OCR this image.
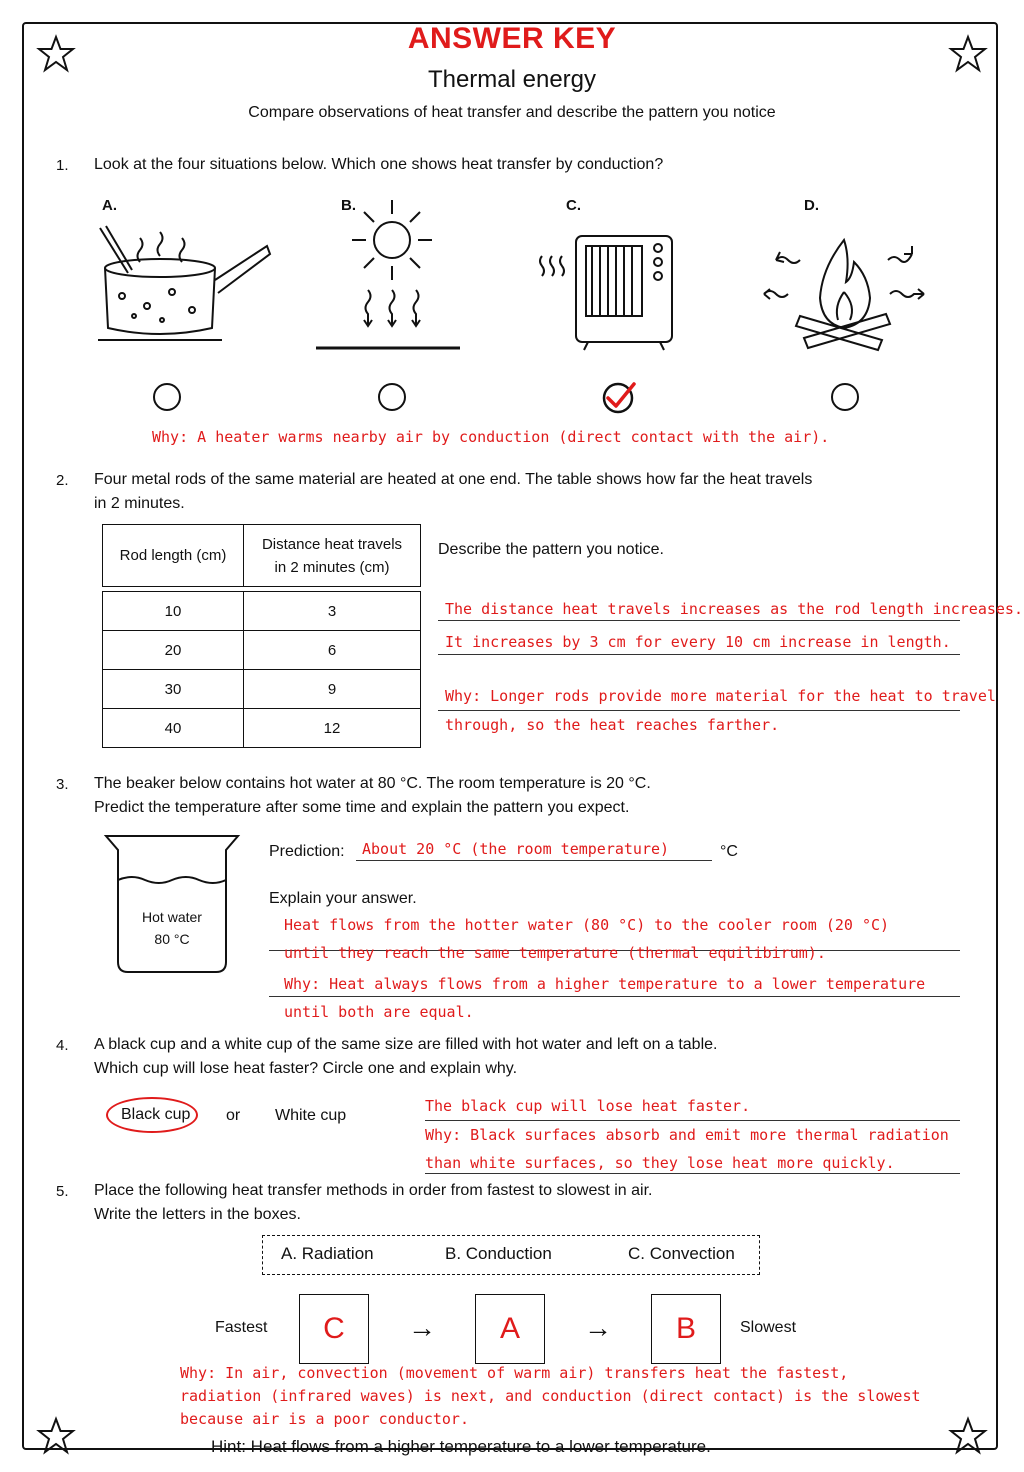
ANSWER KEY
Thermal energy
Compare observations of heat transfer and describe the pattern you notice
1. Look at the four situations below. Which one shows heat transfer by conduction?
A.	B.	C.	D.
Why: A heater warms nearby air by conduction (direct contact with the air).
2. Four metal rods of the same material are heated at one end. The table shows how far the heat travels
in 2 minutes.
Rod length (cm)	Distance heat travels
in 2 minutes (cm)

10	3
20	6
30	9
40	12
Describe the pattern you notice.
The distance heat travels increases as the rod length increases.
It increases by 3 cm for every 10 cm increase in length.
Why: Longer rods provide more material for the heat to travel
through, so the heat reaches farther.
3. The beaker below contains hot water at 80 °C. The room temperature is 20 °C.
Predict the temperature after some time and explain the pattern you expect.
Hot water
80 °C
Prediction: About 20 °C (the room temperature)	°C
Explain your answer.
Heat flows from the hotter water (80 °C) to the cooler room (20 °C)
until they reach the same temperature (thermal equilibirum).
Why: Heat always flows from a higher temperature to a lower temperature
until both are equal.
4. A black cup and a white cup of the same size are filled with hot water and left on a table.
Which cup will lose heat faster? Circle one and explain why.
Black cup or White cup
The black cup will lose heat faster.
Why: Black surfaces absorb and emit more thermal radiation
than white surfaces, so they lose heat more quickly.
5. Place the following heat transfer methods in order from fastest to slowest in air.
Write the letters in the boxes.
A. Radiation	B. Conduction	C. Convection
Fastest	C	→	A	→	B	Slowest
Why: In air, convection (movement of warm air) transfers heat the fastest,
radiation (infrared waves) is next, and conduction (direct contact) is the slowest
because air is a poor conductor.
Hint: Heat flows from a higher temperature to a lower temperature.
